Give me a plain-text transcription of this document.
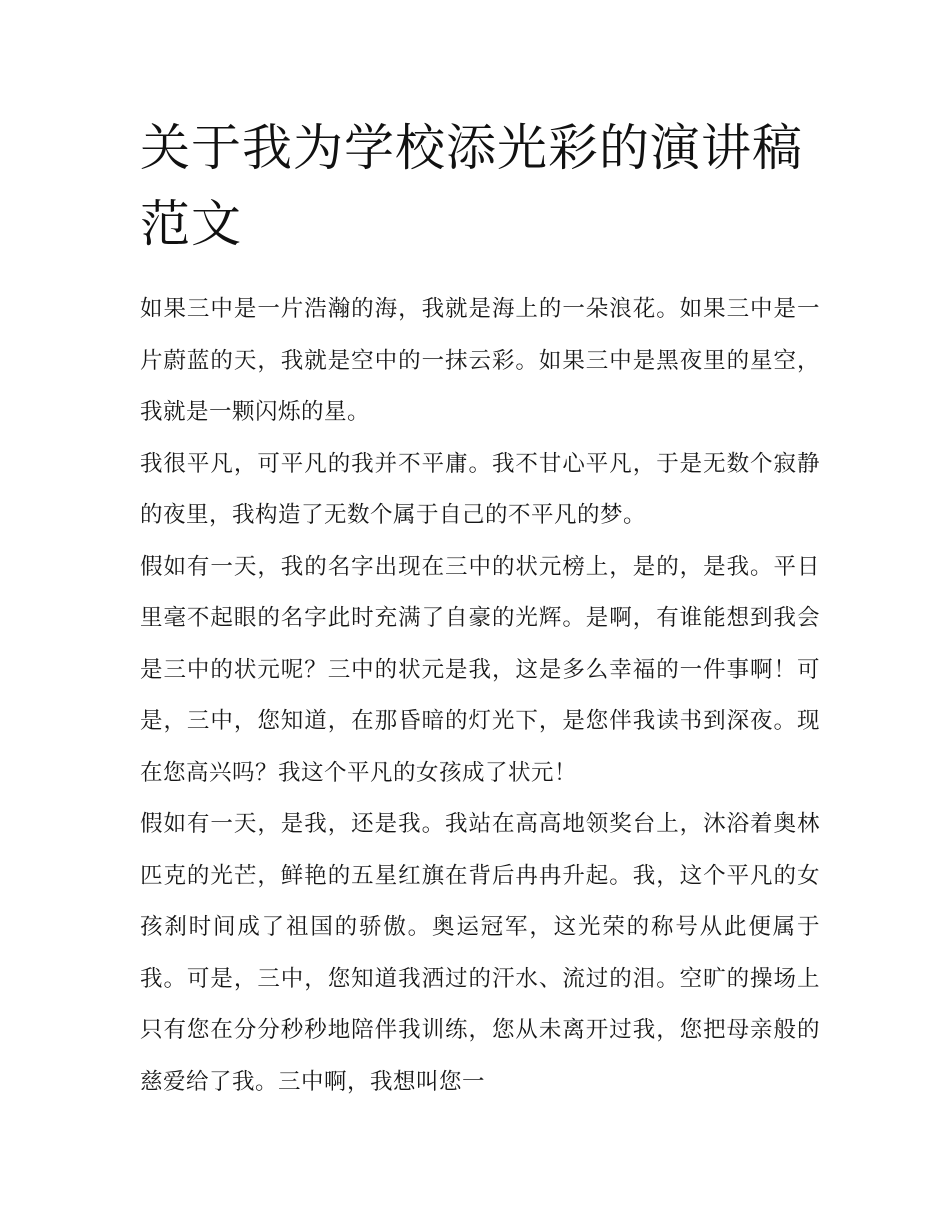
关于我为学校添光彩的演讲稿范文

如果三中是一片浩瀚的海，我就是海上的一朵浪花。如果三中是一片蔚蓝的天，我就是空中的一抹云彩。如果三中是黑夜里的星空，我就是一颗闪烁的星。

我很平凡，可平凡的我并不平庸。我不甘心平凡，于是无数个寂静的夜里，我构造了无数个属于自己的不平凡的梦。

假如有一天，我的名字出现在三中的状元榜上，是的，是我。平日里毫不起眼的名字此时充满了自豪的光辉。是啊，有谁能想到我会是三中的状元呢？三中的状元是我，这是多么幸福的一件事啊！可是，三中，您知道，在那昏暗的灯光下，是您伴我读书到深夜。现在您高兴吗？我这个平凡的女孩成了状元！

假如有一天，是我，还是我。我站在高高地领奖台上，沐浴着奥林匹克的光芒，鲜艳的五星红旗在背后冉冉升起。我，这个平凡的女孩刹时间成了祖国的骄傲。奥运冠军，这光荣的称号从此便属于我。可是，三中，您知道我洒过的汗水、流过的泪。空旷的操场上只有您在分分秒秒地陪伴我训练，您从未离开过我，您把母亲般的慈爱给了我。三中啊，我想叫您一
